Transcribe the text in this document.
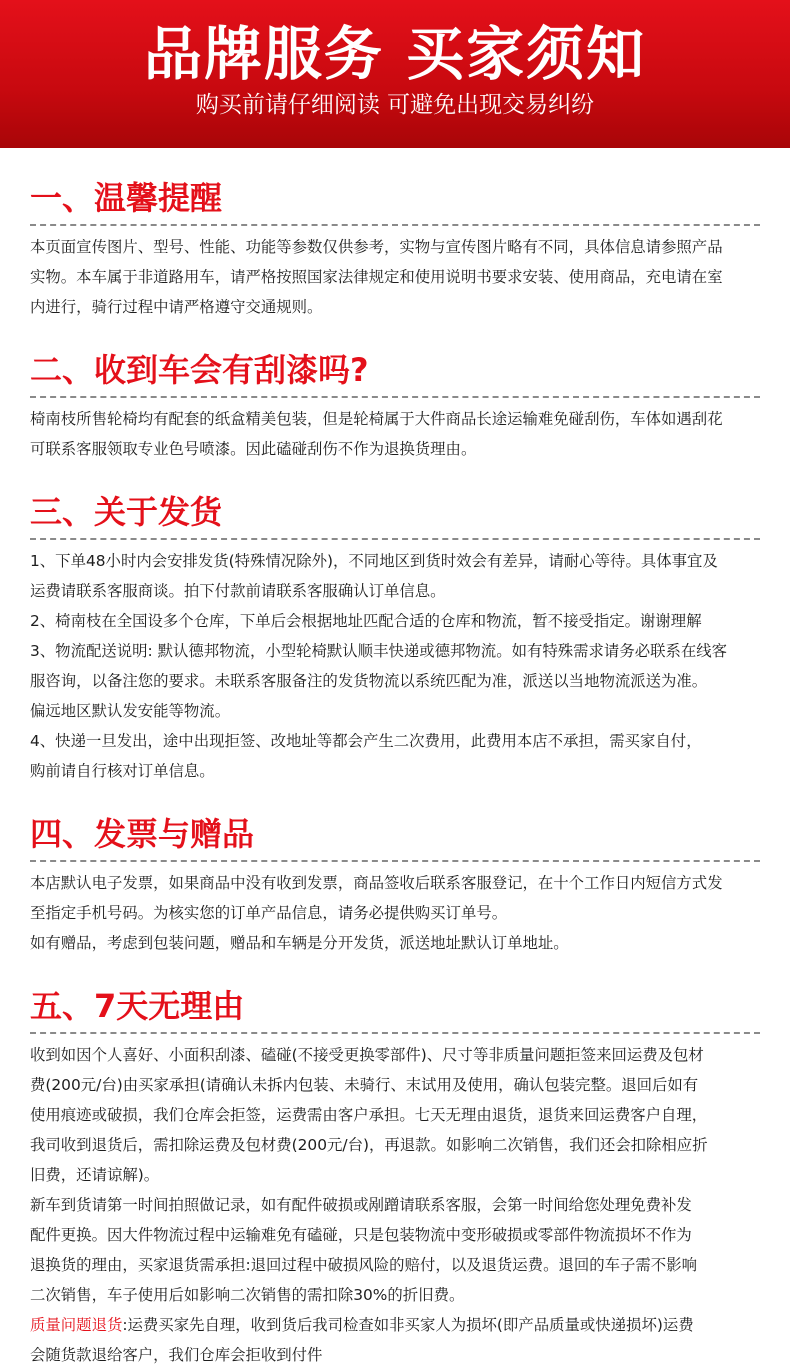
品牌服务 买家须知
购买前请仔细阅读 可避免出现交易纠纷
一、温馨提醒

本页面宣传图片、型号、性能、功能等参数仅供参考，实物与宣传图片略有不同，具体信息请参照产品

实物。本车属于非道路用车，请严格按照国家法律规定和使用说明书要求安装、使用商品，充电请在室

内进行，骑行过程中请严格遵守交通规则。

二、收到车会有刮漆吗?

椅南枝所售轮椅均有配套的纸盒精美包装，但是轮椅属于大件商品长途运输难免碰刮伤，车体如遇刮花

可联系客服领取专业色号喷漆。因此磕碰刮伤不作为退换货理由。

三、关于发货

1、下单48小时内会安排发货(特殊情况除外)，不同地区到货时效会有差异，请耐心等待。具体事宜及

运费请联系客服商谈。拍下付款前请联系客服确认订单信息。

2、椅南枝在全国设多个仓库，下单后会根据地址匹配合适的仓库和物流，暂不接受指定。谢谢理解

3、物流配送说明: 默认德邦物流，小型轮椅默认顺丰快递或德邦物流。如有特殊需求请务必联系在线客

服咨询，以备注您的要求。未联系客服备注的发货物流以系统匹配为准，派送以当地物流派送为准。

偏远地区默认发安能等物流。

4、快递一旦发出，途中出现拒签、改地址等都会产生二次费用，此费用本店不承担，需买家自付，

购前请自行核对订单信息。

四、发票与赠品

本店默认电子发票，如果商品中没有收到发票，商品签收后联系客服登记，在十个工作日内短信方式发

至指定手机号码。为核实您的订单产品信息，请务必提供购买订单号。

如有赠品，考虑到包装问题，赠品和车辆是分开发货，派送地址默认订单地址。

五、7天无理由

收到如因个人喜好、小面积刮漆、磕碰(不接受更换零部件)、尺寸等非质量问题拒签来回运费及包材

费(200元/台)由买家承担(请确认未拆内包装、未骑行、末试用及使用，确认包装完整。退回后如有

使用痕迹或破损，我们仓库会拒签，运费需由客户承担。七天无理由退货，退货来回运费客户自理，

我司收到退货后，需扣除运费及包材费(200元/台)，再退款。如影响二次销售，我们还会扣除相应折

旧费，还请谅解)。

新车到货请第一时间拍照做记录，如有配件破损或剐蹭请联系客服，会第一时间给您处理免费补发

配件更换。因大件物流过程中运输难免有磕碰，只是包装物流中变形破损或零部件物流损坏不作为

退换货的理由，买家退货需承担:退回过程中破损风险的赔付，以及退货运费。退回的车子需不影响

二次销售，车子使用后如影响二次销售的需扣除30%的折旧费。

质量问题退货:运费买家先自理，收到货后我司检查如非买家人为损坏(即产品质量或快递损坏)运费

会随货款退给客户，我们仓库会拒收到付件
